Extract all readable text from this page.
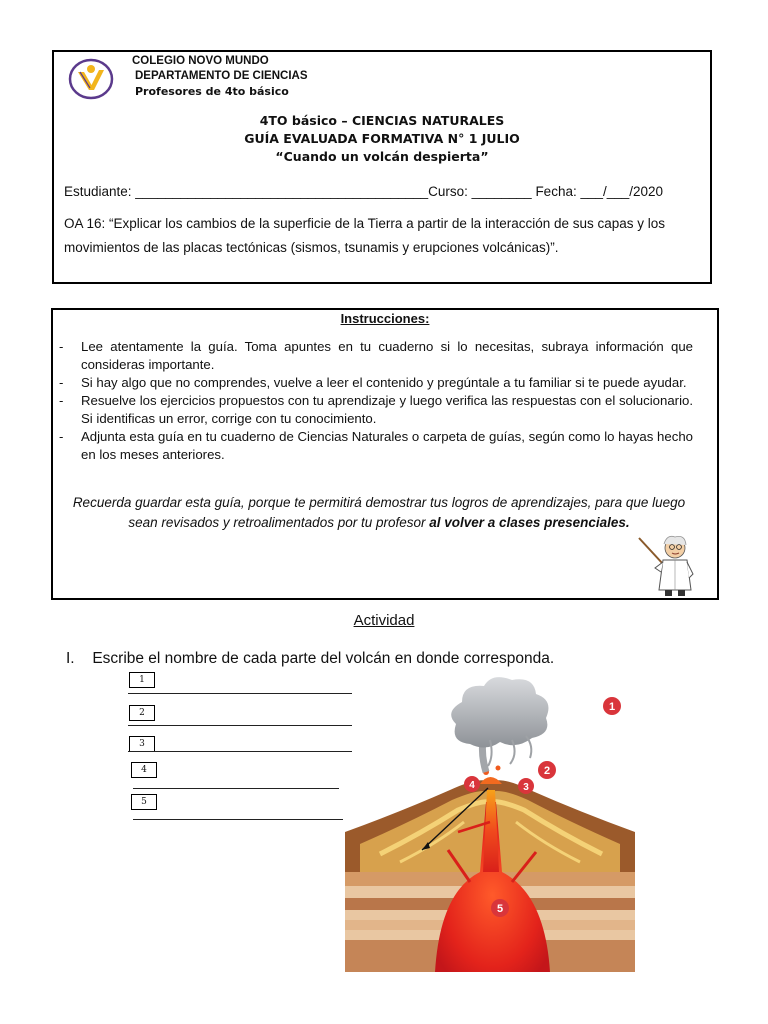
COLEGIO NOVO MUNDO
DEPARTAMENTO DE CIENCIAS
Profesores de 4to básico
4TO básico – CIENCIAS NATURALES
GUÍA EVALUADA FORMATIVA N° 1 JULIO
“Cuando un volcán despierta”
Estudiante: _______________________________________Curso: ________ Fecha: ___/___/2020
OA 16: “Explicar los cambios de la superficie de la Tierra a partir de la interacción de sus capas y los movimientos de las placas tectónicas (sismos, tsunamis y erupciones volcánicas)”.
Instrucciones:
- Lee atentamente la guía. Toma apuntes en tu cuaderno si lo necesitas, subraya información que consideras importante.
- Si hay algo que no comprendes, vuelve a leer el contenido y pregúntale a tu familiar si te puede ayudar.
- Resuelve los ejercicios propuestos con tu aprendizaje y luego verifica las respuestas con el solucionario. Si identificas un error, corrige con tu conocimiento.
- Adjunta esta guía en tu cuaderno de Ciencias Naturales o carpeta de guías, según como lo hayas hecho en los meses anteriores.
Recuerda guardar esta guía, porque te permitirá demostrar tus logros de aprendizajes, para que luego sean revisados y retroalimentados por tu profesor al volver a clases presenciales.
Actividad
I. Escribe el nombre de cada parte del volcán en donde corresponda.
1
2
3
4
5
1
2
3
4
5
